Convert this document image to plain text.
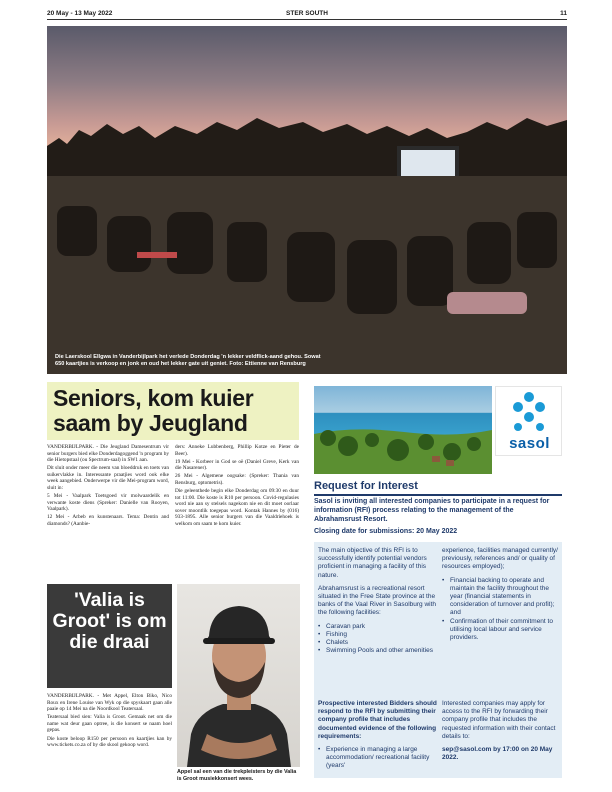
20 May - 13 May 2022	STER SOUTH	11
Die Laerskool Ellgwa in Vanderbijlpark het verlede Donderdag 'n lekker veldflick-aand gehou. Sowat 650 kaartjies is verkoop en jonk en oud het lekker gate uit geniet. Foto: Ettienne van Rensburg
Seniors, kom kuier saam by Jeugland

VANDERBIJLPARK. - Die Jeugland Damesentrum vir senior burgers bied elke Donderdagoggend 'n program by die Hietopstaal (ou Spectrum-saal) in SW1 aan.

Dit sluit onder meer die neem van bloeddruk en toets van suikervlakke in. Interessante praatjies word ook elke week aangebied. Onderwerpe vir die Mei-program word, sluit in:

5 Mei - Vaalpark Toetsgoed vir molwaardelik en verwante koste diens (Spreker: Danielle van Rooyen, Vaalpark).

12 Mei - Arbeb en kunstenaars. Tema: Dentin and diamonds? (Aanbie-

ders: Anneke Lubbenberg, Phillip Kotze en Pieter de Beer).

19 Mei - Korbeer in God se oë (Daniel Greve, Kerk van die Nasarener).

26 Mei - Algemene oogsake: (Spreker: Thania van Rensburg, optometris).

Die geleenthede begin elke Donderdag om 09:30 en duur tot 11:00. Die koste is R10 per persoon. Covid-regulasies word nie aan sy stelsels nagekom nie en dit moet oorlaar sover moontlik toegepas word. Kontak Hannes by (016) 933-1895. Alle senior burgers van die Vaaldriehoek is welkom om saam te kom kuier.

'Valia is Groot' is om die draai

VANDERBIJLPARK. - Met Appel, Elton Biko, Nico Roux en Irene Louise van Wyk op die spyskaart gaan alle paaie op 14 Mei na die Noordkool Teatersaal.

Teatersaal bied sien: Valia is Groot. Gemaak net om die name wat deur gaan optree, is die konsert se naam hoel gepas.

Die koste beloop R150 per persoon en kaartjies kan by www.tickets.co.za of by die skool gekoop word.

Appel sal een van die trekpleisters by die Valia is Groot musiekkonsert wees.
sasol
Request for Interest
Sasol is inviting all interested companies to participate in a request for information (RFI) process relating to the management of the Abrahamsrust Resort.
Closing date for submissions: 20 May 2022

The main objective of this RFI is to successfully identify potential vendors proficient in managing a facility of this nature.

Abrahamsrust is a recreational resort situated in the Free State province at the banks of the Vaal River in Sasolburg with the following facilities:

• Caravan park
• Fishing
• Chalets
• Swimming Pools and other amenities

experience, facilities managed currently/ previously, references and/ or quality of resources employed);

• Financial backing to operate and maintain the facility throughout the year (financial statements in consideration of turnover and profit); and
• Confirmation of their commitment to utilising local labour and service providers.

Prospective interested Bidders should respond to the RFI by submitting their company profile that includes documented evidence of the following requirements:

• Experience in managing a large accommodation/ recreational facility (years'

Interested companies may apply for access to the RFI by forwarding their company profile that includes the requested information with their contact details to:

sep@sasol.com by 17:00 on 20 May 2022.
